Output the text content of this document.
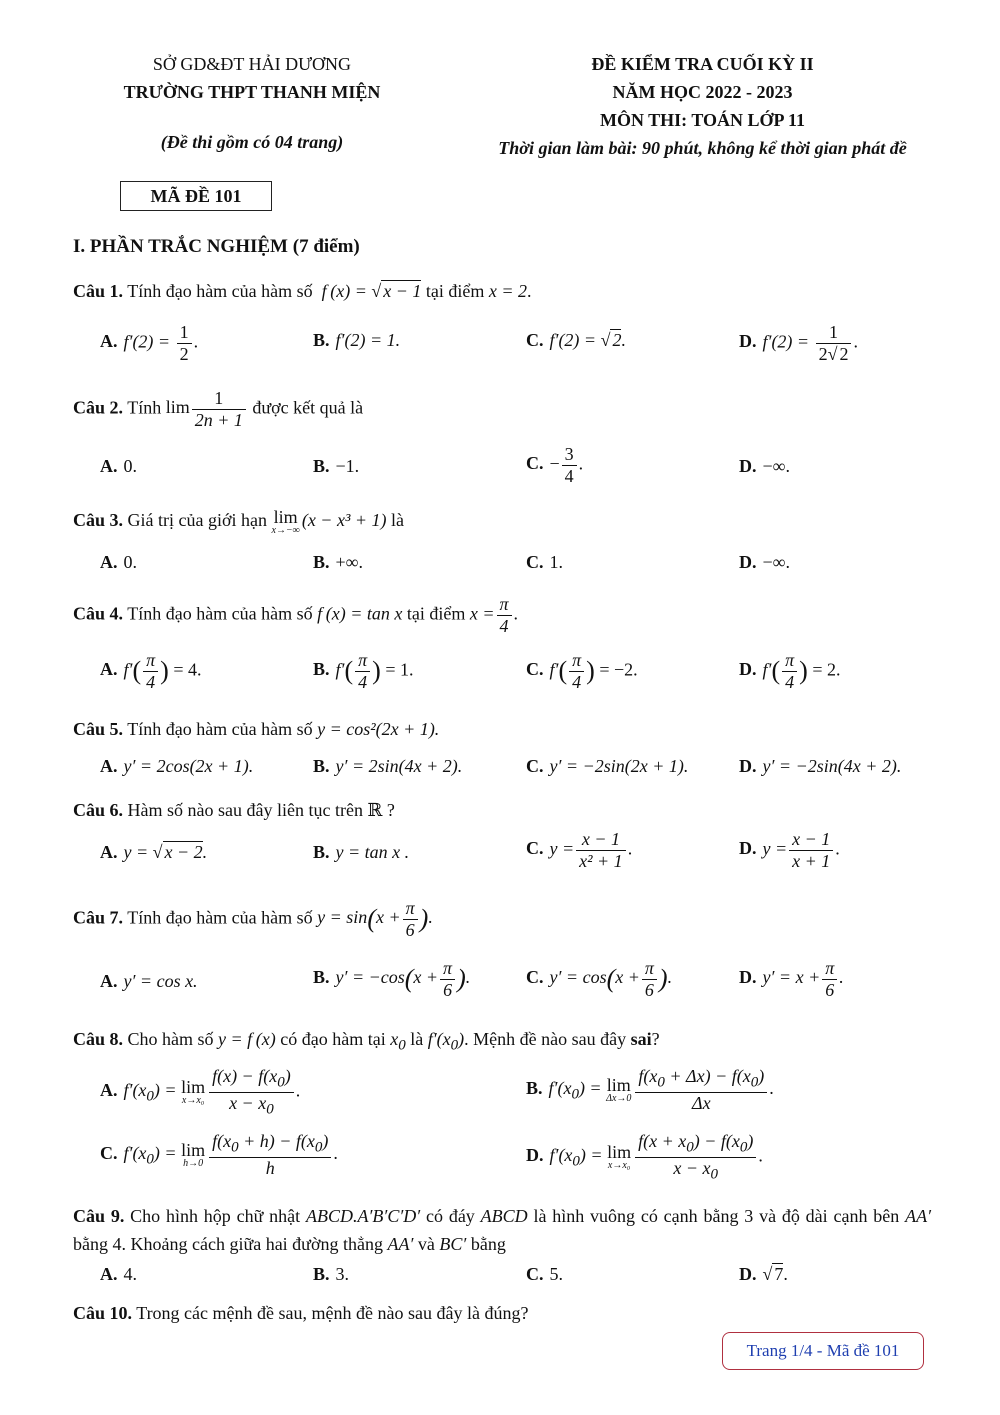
SỞ GD&ĐT HẢI DƯƠNG
TRƯỜNG THPT THANH MIỆN
(Đề thi gồm có 04 trang)
ĐỀ KIỂM TRA CUỐI KỲ II
NĂM HỌC 2022 - 2023
MÔN THI: TOÁN LỚP 11
Thời gian làm bài: 90 phút, không kể thời gian phát đề
MÃ ĐỀ 101
I. PHẦN TRẮC NGHIỆM (7 điểm)
Câu 1. Tính đạo hàm của hàm số  f (x) = √ x − 1 tại điểm x = 2.
A. $f'(2) = \frac{1}{2}$ .	B. f′(2) = 1.	C. f′(2) = √ 2.	D. $f'(2) = \frac{1}{2√ 2}$ .
Câu 2. Tính $\lim \frac{1}{2n + 1}$ được kết quả là
A. 0.	B. −1.	C. − $\frac{3}{4}$ .	D. −∞.
Câu 3. Giá trị của giới hạn lim
x→−∞
(x − x³ + 1) là
A. 0.	B. +∞.	C. 1.	D. −∞.
Câu 4. Tính đạo hàm của hàm số f (x) = tan x tại điểm $x = \frac{\pi}{4}$ .
A. $f'( \frac{\pi}{4}$ ) = 4.	B. $f'( \frac{\pi}{4}$ ) = 1.	C. $f'( \frac{\pi}{4}$ ) = −2.	D. $f'( \frac{\pi}{4}$ ) = 2.
Câu 5. Tính đạo hàm của hàm số y = cos²(2x + 1).
A. y′ = 2cos(2x + 1).	B. y′ = 2sin(4x + 2).	C. y′ = −2sin(2x + 1).	D. y′ = −2sin(4x + 2).
Câu 6. Hàm số nào sau đây liên tục trên ℝ ?
A. y = √ x − 2.	B. y = tan x .	C. $y = \frac{x - 1}{\text{x² + 1}}$ .	D. $y = \frac{x - 1}{x + 1}$ .
Câu 7. Tính đạo hàm của hàm số $y = \sin(x + \frac{\pi}{6}$ ).
A. y′ = cos x.	B. $y' = -\cos(x + \frac{\pi}{6}$ ).	C. $y' = \cos(x + \frac{\pi}{6}$ ).	D. $y' = x + \frac{\pi}{6}$ .
Câu 8. Cho hàm số y = f (x) có đạo hàm tại $x_0$ là $f'(x_0)$. Mệnh đề nào sau đây sai?
A. $f'(x_0) = \lim$
$x\to x_0 \frac{f(x) - f(x_0)}{x - x_0}$ .	B. $f'(x_0) = \lim$
$\Delta x\to 0 \frac{f(x_0 + \Delta x) - f(x_0)}{\Delta x}$ .
C. $f'(x_0) = \lim$
$h\to 0 \frac{f(x_0 + h) - f(x_0)}{h}$ .	D. $f'(x_0) = \lim$
$x\to x_0 \frac{f(x + x_0) - f(x_0)}{x - x_0}$ .
Câu 9. Cho hình hộp chữ nhật ABCD.A′B′C′D′ có đáy ABCD là hình vuông có cạnh bằng 3 và độ dài cạnh bên AA′ bằng 4. Khoảng cách giữa hai đường thẳng AA′ và BC′ bằng
A. 4.	B. 3.	C. 5.	D. √ 7.
Câu 10. Trong các mệnh đề sau, mệnh đề nào sau đây là đúng?
Trang 1/4 - Mã đề 101
